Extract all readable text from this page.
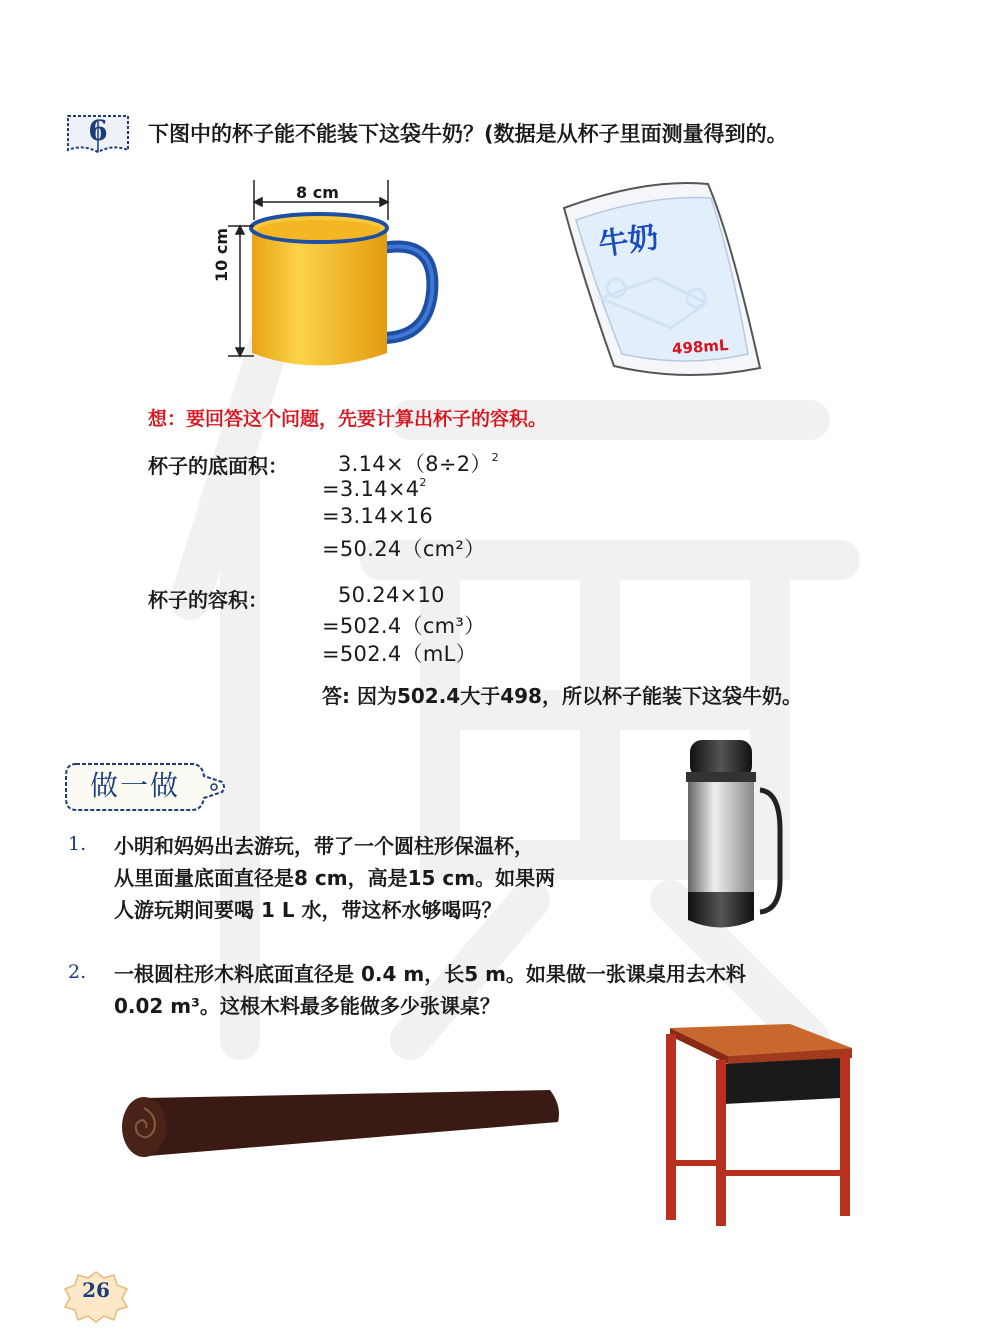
6	下图中的杯子能不能装下这袋牛奶？(数据是从杯子里面测量得到的。
8 cm
10 cm	牛奶
498mL
想：要回答这个问题，先要计算出杯子的容积。
杯子的底面积： $3.14\times(8\div 2)^2$
$=3.14\times 4^2$
=3.14×16
=50.24（cm²）
杯子的容积：	50.24×10
=502.4（cm³）
=502.4（mL）
答: 因为502.4大于498，所以杯子能装下这袋牛奶。
做一做
1. 小明和妈妈出去游玩，带了一个圆柱形保温杯，
从里面量底面直径是8 cm，高是15 cm。如果两
人游玩期间要喝 1 L 水，带这杯水够喝吗？
2. 一根圆柱形木料底面直径是 0.4 m，长5 m。如果做一张课桌用去木料
0.02 m³。这根木料最多能做多少张课桌？
26
